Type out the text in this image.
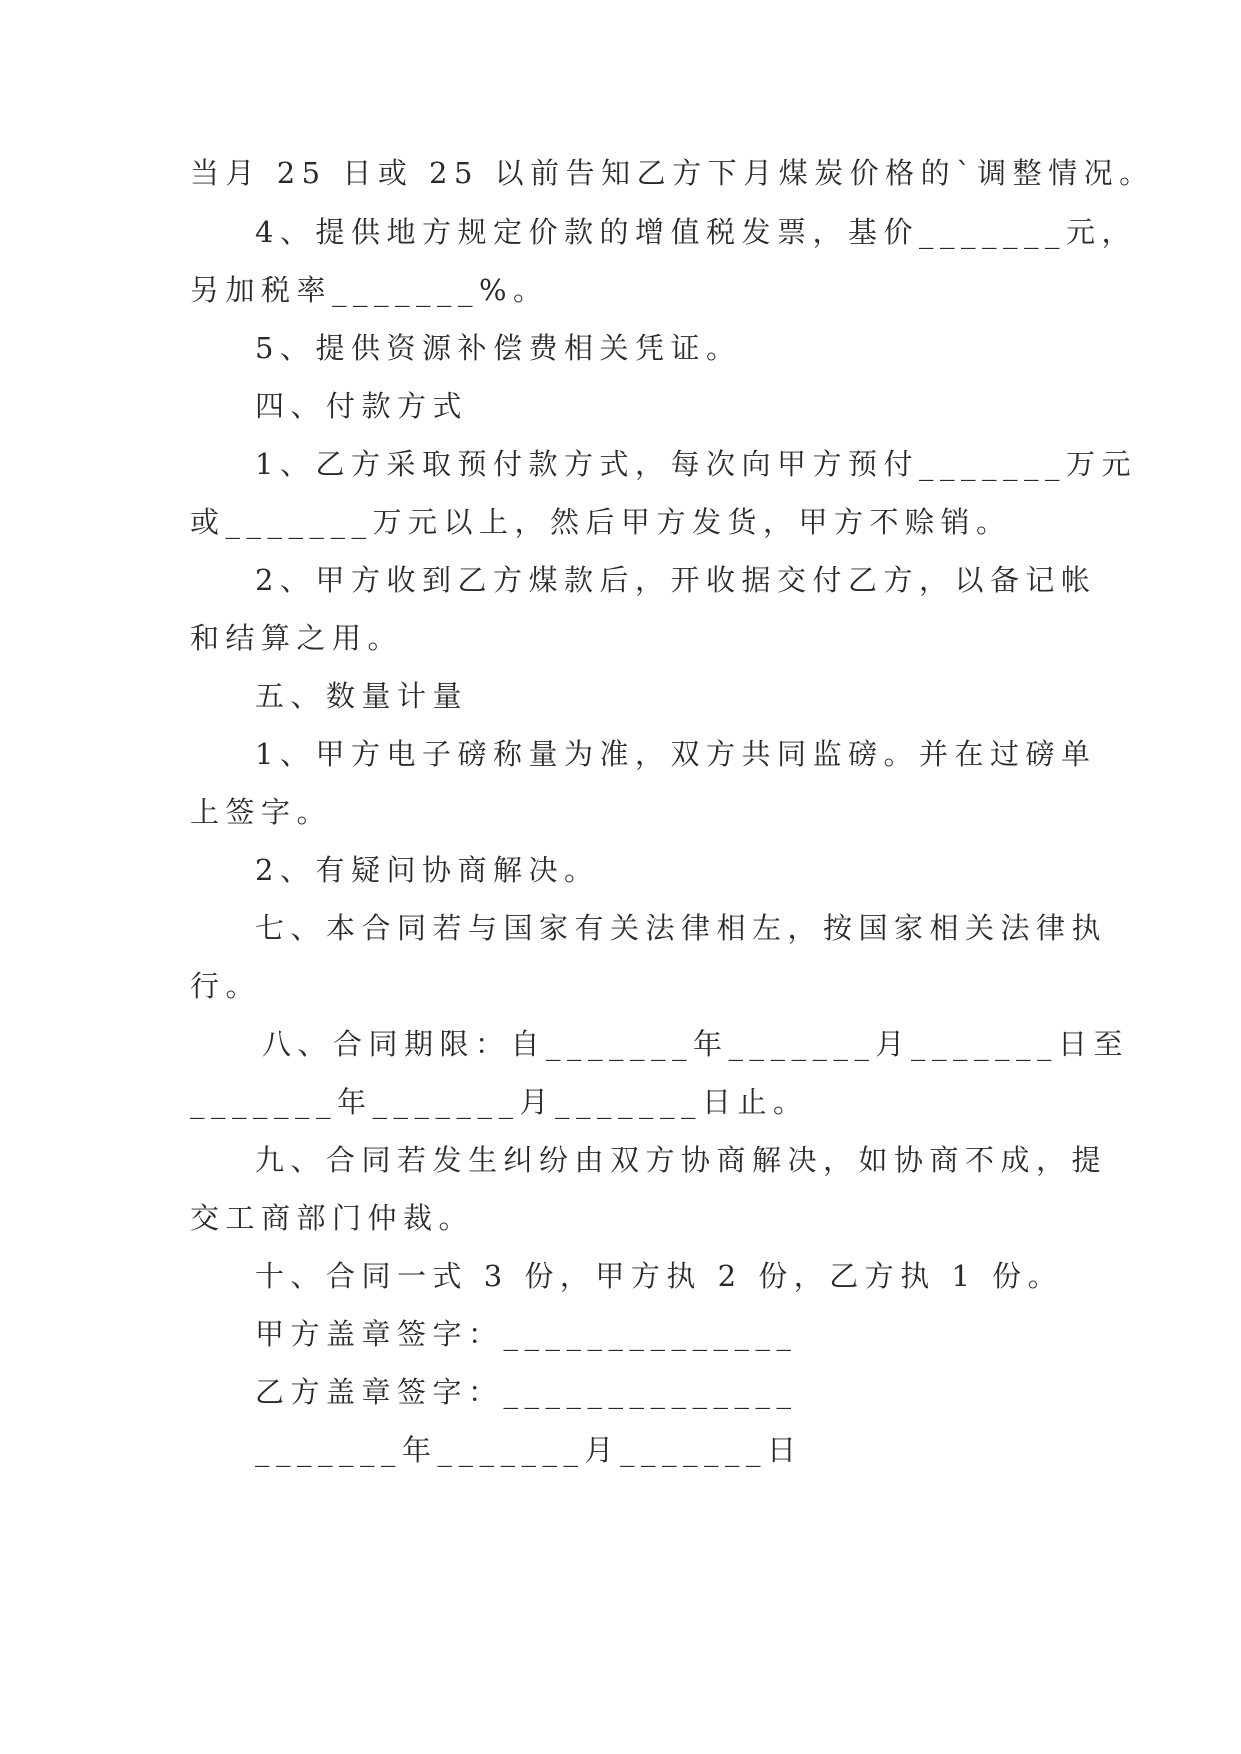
当月 25 日或 25 以前告知乙方下月煤炭价格的`调整情况。
4、提供地方规定价款的增值税发票，基价_______元，
另加税率_______%。
5、提供资源补偿费相关凭证。
四、付款方式
1、乙方采取预付款方式，每次向甲方预付_______万元
或_______万元以上，然后甲方发货，甲方不赊销。
2、甲方收到乙方煤款后，开收据交付乙方，以备记帐
和结算之用。
五、数量计量
1、甲方电子磅称量为准，双方共同监磅。并在过磅单
上签字。
2、有疑问协商解决。
七、本合同若与国家有关法律相左，按国家相关法律执
行。
八、合同期限：自_______年_______月_______日至
_______年_______月_______日止。
九、合同若发生纠纷由双方协商解决，如协商不成，提
交工商部门仲裁。
十、合同一式 3 份，甲方执 2 份，乙方执 1 份。
甲方盖章签字：______________
乙方盖章签字：______________
_______年_______月_______日
